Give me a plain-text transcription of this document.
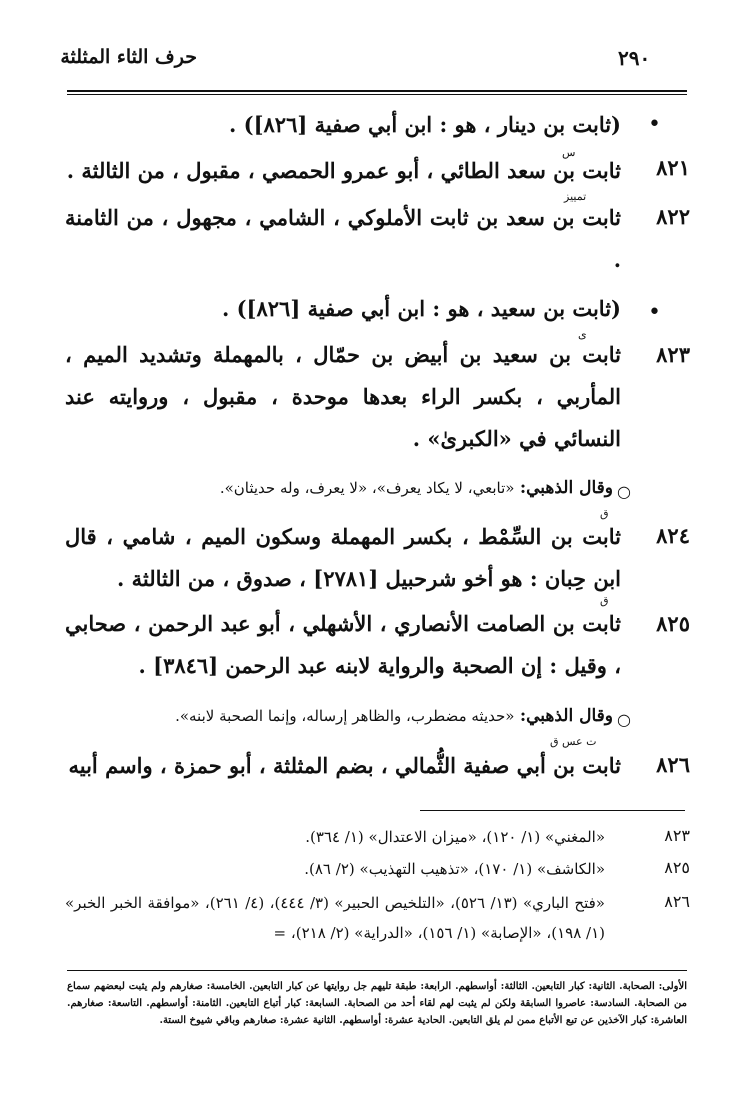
حرف الثاء المثلثة	٢٩٠
•
(ثابت بن دينار ، هو : ابن أبي صفية [٨٢٦]) .
س
٨٢١
ثابت بن سعد الطائي ، أبو عمرو الحمصي ، مقبول ، من الثالثة .
تمييز
٨٢٢
ثابت بن سعد بن ثابت الأملوكي ، الشامي ، مجهول ، من الثامنة .
•
(ثابت بن سعيد ، هو : ابن أبي صفية [٨٢٦]) .
ى
٨٢٣
ثابت بن سعيد بن أبيض بن حمّال ، بالمهملة وتشديد الميم ، المأربي ، بكسر الراء بعدها موحدة ، مقبول ، وروايته عند النسائي في «الكبرىٰ» .
○
وقال الذهبي: «تابعي، لا يكاد يعرف»، «لا يعرف، وله حديثان».
ق
٨٢٤
ثابت بن السِّمْط ، بكسر المهملة وسكون الميم ، شامي ، قال ابن حِبان : هو أخو شرحبيل [٢٧٨١] ، صدوق ، من الثالثة .
ق
٨٢٥
ثابت بن الصامت الأنصاري ، الأشهلي ، أبو عبد الرحمن ، صحابي ، وقيل : إن الصحبة والرواية لابنه عبد الرحمن [٣٨٤٦] .
○
وقال الذهبي: «حديثه مضطرب، والظاهر إرساله، وإنما الصحبة لابنه».
ت عس ق
٨٢٦
ثابت بن أبي صفية الثُّمالي ، بضم المثلثة ، أبو حمزة ، واسم أبيه
٨٢٣
«المغني» (١/ ١٢٠)، «ميزان الاعتدال» (١/ ٣٦٤).
٨٢٥
«الكاشف» (١/ ١٧٠)، «تذهيب التهذيب» (٢/ ٨٦).
٨٢٦
«فتح الباري» (١٣/ ٥٢٦)، «التلخيص الحبير» (٣/ ٤٤٤)، (٤/ ٢٦١)، «موافقة الخبر الخبر» (١/ ١٩٨)، «الإصابة» (١/ ١٥٦)، «الدراية» (٢/ ٢١٨)، =
الأولى: الصحابة. الثانية: كبار التابعين. الثالثة: أواسطهم. الرابعة: طبقة تليهم جل روايتها عن كبار التابعين. الخامسة: صغارهم ولم يثبت لبعضهم سماع من الصحابة. السادسة: عاصروا السابقة ولكن لم يثبت لهم لقاء أحد من الصحابة. السابعة: كبار أتباع التابعين. الثامنة: أواسطهم. التاسعة: صغارهم. العاشرة: كبار الآخذين عن تبع الأتباع ممن لم يلق التابعين. الحادية عشرة: أواسطهم. الثانية عشرة: صغارهم وباقي شيوخ الستة.
